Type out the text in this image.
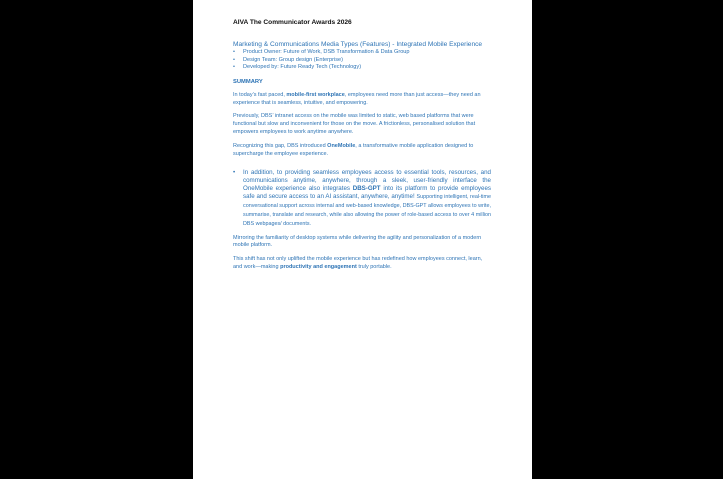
AIVA The Communicator Awards 2026
Marketing & Communications Media Types (Features) - Integrated Mobile Experience
• Product Owner: Future of Work, DSB Transformation & Data Group
• Design Team: Group design (Enterprise)
• Developed by: Future Ready Tech (Technology)
SUMMARY

In today’s fast paced, mobile-first workplace, employees need more than just access—they need an experience that is seamless, intuitive, and empowering.

Previously, DBS’ intranet access on the mobile was limited to static, web based platforms that were functional but slow and inconvenient for those on the move. A frictionless, personalised solution that empowers employees to work anytime anywhere.

Recognizing this gap, DBS introduced OneMobile, a transformative mobile application designed to supercharge the employee experience.

• In addition, to providing seamless employees access to essential tools, resources, and communications anytime, anywhere, through a sleek, user-friendly interface the OneMobile experience also integrates DBS-GPT into its platform to provide employees safe and secure access to an AI assistant, anywhere, anytime! Supporting intelligent, real-time conversational support across internal and web-based knowledge, DBS-GPT allows employees to write, summarise, translate and research, while also allowing the power of role-based access to over 4 million DBS webpages/ documents.

Mirroring the familiarity of desktop systems while delivering the agility and personalization of a modern mobile platform.

This shift has not only uplifted the mobile experience but has redefined how employees connect, learn, and work—making productivity and engagement truly portable.
